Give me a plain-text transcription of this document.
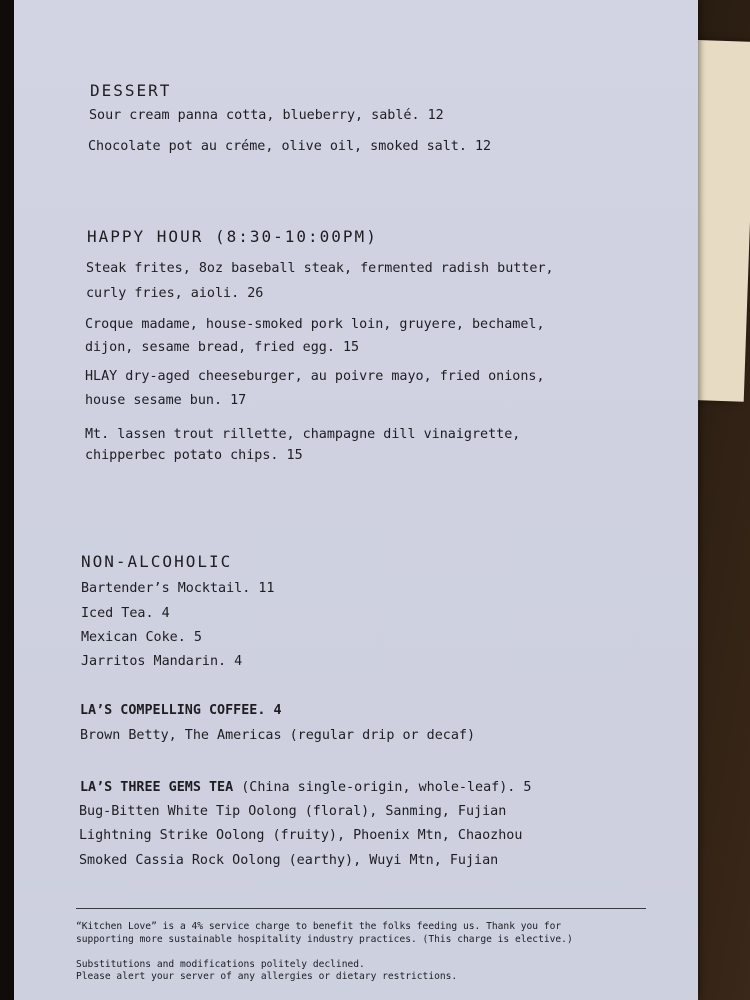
DESSERT
Sour cream panna cotta, blueberry, sablé. 12
Chocolate pot au créme, olive oil, smoked salt. 12
HAPPY HOUR (8:30-10:00PM)
Steak frites, 8oz baseball steak, fermented radish butter,
curly fries, aioli. 26
Croque madame, house-smoked pork loin, gruyere, bechamel,
dijon, sesame bread, fried egg. 15
HLAY dry-aged cheeseburger, au poivre mayo, fried onions,
house sesame bun. 17
Mt. lassen trout rillette, champagne dill vinaigrette,
chipperbec potato chips. 15
NON-ALCOHOLIC
Bartender’s Mocktail. 11
Iced Tea. 4
Mexican Coke. 5
Jarritos Mandarin. 4
LA’S COMPELLING COFFEE. 4
Brown Betty, The Americas (regular drip or decaf)
LA’S THREE GEMS TEA (China single-origin, whole-leaf). 5
Bug-Bitten White Tip Oolong (floral), Sanming, Fujian
Lightning Strike Oolong (fruity), Phoenix Mtn, Chaozhou
Smoked Cassia Rock Oolong (earthy), Wuyi Mtn, Fujian
“Kitchen Love” is a 4% service charge to benefit the folks feeding us. Thank you for
supporting more sustainable hospitality industry practices. (This charge is elective.)
Substitutions and modifications politely declined.
Please alert your server of any allergies or dietary restrictions.
